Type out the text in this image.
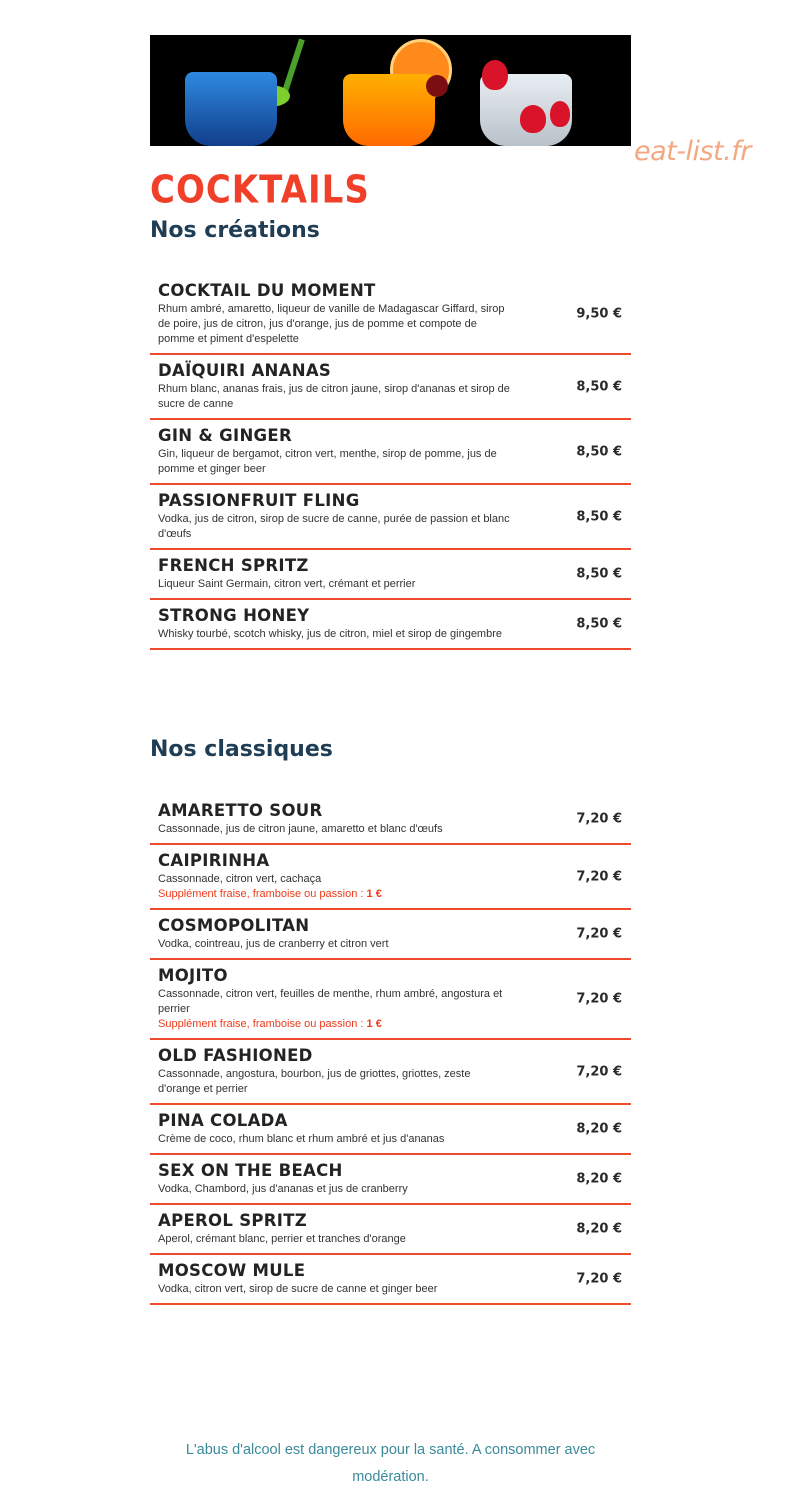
eat-list.fr
COCKTAILS
Nos créations
COCKTAIL DU MOMENT
Rhum ambré, amaretto, liqueur de vanille de Madagascar Giffard, sirop de poire, jus de citron, jus d'orange, jus de pomme et compote de pomme et piment d'espelette
9,50 €
DAÏQUIRI ANANAS
Rhum blanc, ananas frais, jus de citron jaune, sirop d'ananas et sirop de sucre de canne
8,50 €
GIN & GINGER
Gin, liqueur de bergamot, citron vert, menthe, sirop de pomme, jus de pomme et ginger beer
8,50 €
PASSIONFRUIT FLING
Vodka, jus de citron, sirop de sucre de canne, purée de passion et blanc d'œufs
8,50 €
FRENCH SPRITZ
Liqueur Saint Germain, citron vert, crémant et perrier
8,50 €
STRONG HONEY
Whisky tourbé, scotch whisky, jus de citron, miel et sirop de gingembre
8,50 €
Nos classiques
AMARETTO SOUR
Cassonnade, jus de citron jaune, amaretto et blanc d'œufs
7,20 €
CAIPIRINHA
Cassonnade, citron vert, cachaça
Supplément fraise, framboise ou passion : 1 €
7,20 €
COSMOPOLITAN
Vodka, cointreau, jus de cranberry et citron vert
7,20 €
MOJITO
Cassonnade, citron vert, feuilles de menthe, rhum ambré, angostura et perrier
Supplément fraise, framboise ou passion : 1 €
7,20 €
OLD FASHIONED
Cassonnade, angostura, bourbon, jus de griottes, griottes, zeste d'orange et perrier
7,20 €
PINA COLADA
Crème de coco, rhum blanc et rhum ambré et jus d'ananas
8,20 €
SEX ON THE BEACH
Vodka, Chambord, jus d'ananas et jus de cranberry
8,20 €
APEROL SPRITZ
Aperol, crémant blanc, perrier et tranches d'orange
8,20 €
MOSCOW MULE
Vodka, citron vert, sirop de sucre de canne et ginger beer
7,20 €
L'abus d'alcool est dangereux pour la santé. A consommer avec modération.
